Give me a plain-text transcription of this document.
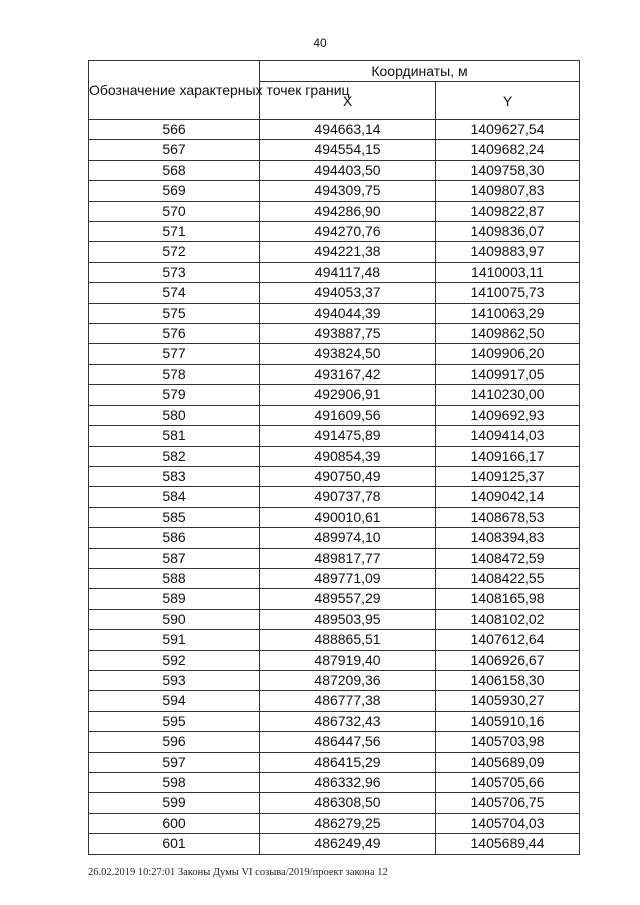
40
Обозначение характерных точек границ	Координаты, м	
	X	Y
566	494663,14	1409627,54
567	494554,15	1409682,24
568	494403,50	1409758,30
569	494309,75	1409807,83
570	494286,90	1409822,87
571	494270,76	1409836,07
572	494221,38	1409883,97
573	494117,48	1410003,11
574	494053,37	1410075,73
575	494044,39	1410063,29
576	493887,75	1409862,50
577	493824,50	1409906,20
578	493167,42	1409917,05
579	492906,91	1410230,00
580	491609,56	1409692,93
581	491475,89	1409414,03
582	490854,39	1409166,17
583	490750,49	1409125,37
584	490737,78	1409042,14
585	490010,61	1408678,53
586	489974,10	1408394,83
587	489817,77	1408472,59
588	489771,09	1408422,55
589	489557,29	1408165,98
590	489503,95	1408102,02
591	488865,51	1407612,64
592	487919,40	1406926,67
593	487209,36	1406158,30
594	486777,38	1405930,27
595	486732,43	1405910,16
596	486447,56	1405703,98
597	486415,29	1405689,09
598	486332,96	1405705,66
599	486308,50	1405706,75
600	486279,25	1405704,03
601	486249,49	1405689,44
26.02.2019 10:27:01 Законы Думы VI созыва/2019/проект закона 12
